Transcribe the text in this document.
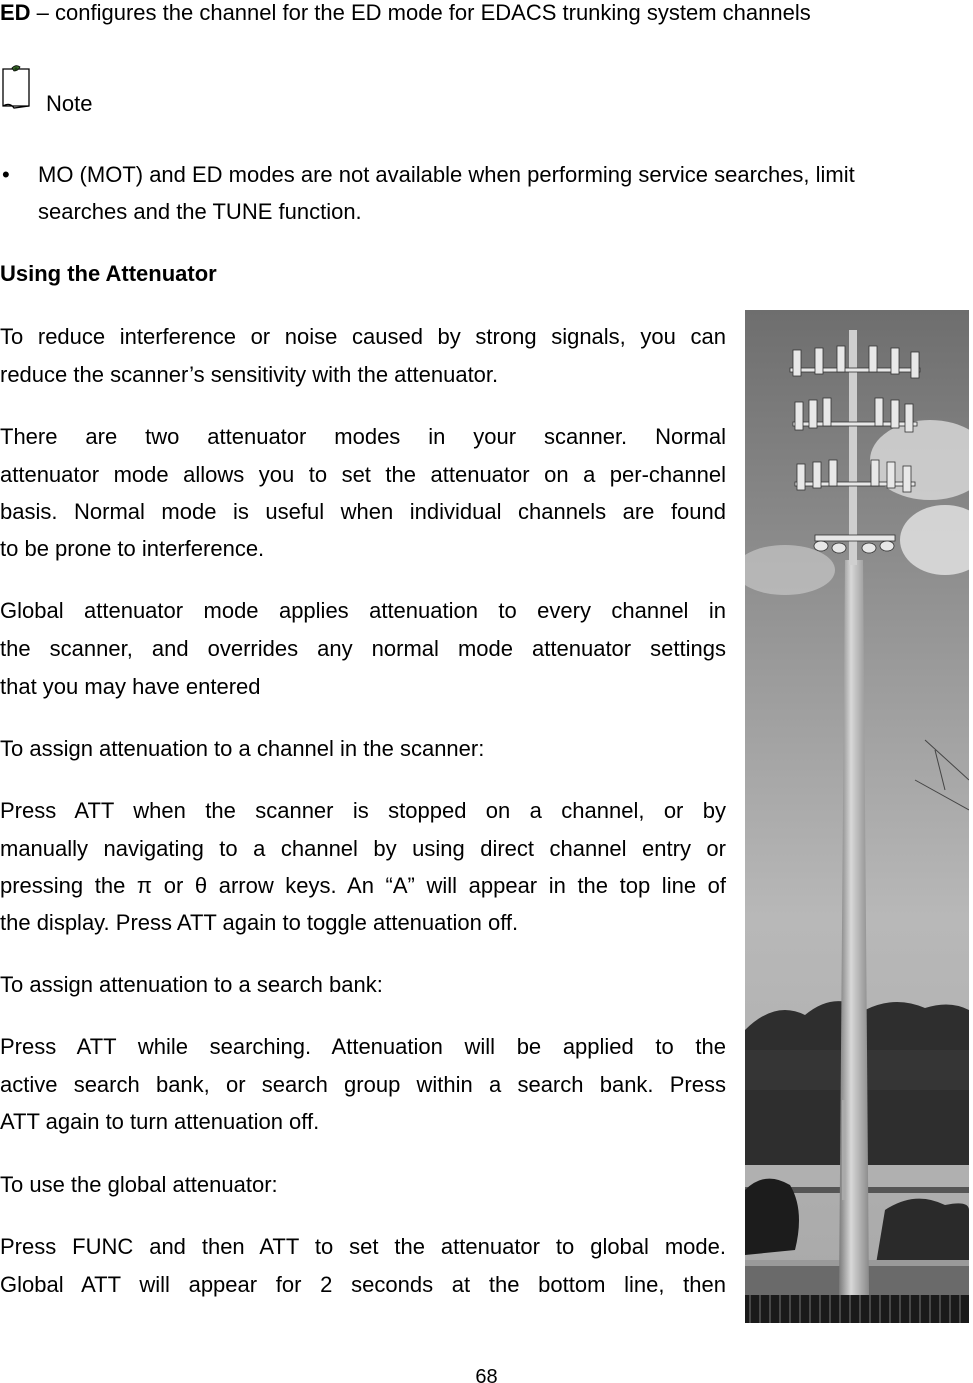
ED – configures the channel for the ED mode for EDACS trunking system channels
Note
• MO (MOT) and ED modes are not available when performing service searches, limit
searches and the TUNE function.
Using the Attenuator
To reduce interference or noise caused by strong signals, you can
reduce the scanner’s sensitivity with the attenuator.
There are two attenuator modes in your scanner. Normal
attenuator mode allows you to set the attenuator on a per-channel
basis. Normal mode is useful when individual channels are found
to be prone to interference.
Global attenuator mode applies attenuation to every channel in
the scanner, and overrides any normal mode attenuator settings
that you may have entered
To assign attenuation to a channel in the scanner:
Press ATT when the scanner is stopped on a channel, or by
manually navigating to a channel by using direct channel entry or
pressing the π or θ arrow keys. An “A” will appear in the top line of
the display. Press ATT again to toggle attenuation off.
To assign attenuation to a search bank:
Press ATT while searching. Attenuation will be applied to the
active search bank, or search group within a search bank. Press
ATT again to turn attenuation off.
To use the global attenuator:
Press FUNC and then ATT to set the attenuator to global mode.
Global ATT will appear for 2 seconds at the bottom line, then
68
